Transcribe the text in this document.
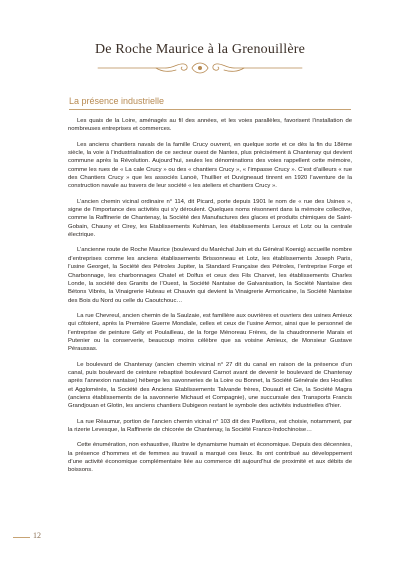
De Roche Maurice à la Grenouillère
La présence industrielle

Les quais de la Loire, aménagés au fil des années, et les voies parallèles, favorisent l’installation de nombreuses entreprises et commerces.

Les anciens chantiers navals de la famille Crucy ouvrent, en quelque sorte et ce dès la fin du 18ème siècle, la voie à l’industrialisation de ce secteur ouest de Nantes, plus précisément à Chantenay qui devient commune après la Révolution. Aujourd’hui, seules les dénominations des voies rappellent cette mémoire, comme les rues de « La cale Crucy » ou des « chantiers Crucy », « l’impasse Crucy ». C’est d’ailleurs « rue des Chantiers Crucy » que les associés Lanoë, Thuillier et Duvigneaud tinrent en 1920 l’aventure de la construction navale au travers de leur société « les ateliers et chantiers Crucy ».

L’ancien chemin vicinal ordinaire n° 114, dit Picard, porte depuis 1901 le nom de « rue des Usines », signe de l’importance des activités qui s’y déroulent. Quelques noms résonnent dans la mémoire collective, comme la Raffinerie de Chantenay, la Société des Manufactures des glaces et produits chimiques de Saint-Gobain, Chauny et Cirey, les Etablissements Kuhlman, les établissements Leroux et Lotz ou la centrale électrique.

L’ancienne route de Roche Maurice (boulevard du Maréchal Juin et du Général Koenig) accueille nombre d’entreprises comme les anciens établissements Brissonneau et Lotz, les établissements Joseph Paris, l’usine Georget, la Société des Pétroles Jupiter, la Standard Française des Pétroles, l’entreprise Forge et Charbonnage, les charbonnages Chatel et Dolfus et ceux des Fils Charvet, les établissements Charles Londe, la société des Granits de l’Ouest, la Société Nantaise de Galvanisation, la Société Nantaise des Bétons Vibrés, la Vinaigrerie Huteau et Chauvin qui devient la Vinaigrerie Armoricaine, la Société Nantaise des Bois du Nord ou celle du Caoutchouc…

La rue Chevreul, ancien chemin de la Saulzaie, est familière aux ouvrières et ouvriers des usines Amieux qui côtoient, après la Première Guerre Mondiale, celles et ceux de l’usine Armor, ainsi que le personnel de l’entreprise de peinture Gély et Poulailleau, de la forge Ménoreau Frères, de la chaudronnerie Marais et Putenier ou la conserverie, beaucoup moins célèbre que sa voisine Amieux, de Monsieur Gustave Péraussas.

Le boulevard de Chantenay (ancien chemin vicinal n° 27 dit du canal en raison de la présence d’un canal, puis boulevard de ceinture rebaptisé boulevard Carnot avant de devenir le boulevard de Chantenay après l’annexion nantaise) héberge les savonneries de la Loire ou Bonnet, la Société Générale des Houilles et Agglomérés, la Société des Anciens Etablissements Talvande frères, Douault et Cie, la Société Magra (anciens établissements de la savonnerie Michaud et Compagnie), une succursale des Transports Francis Grandjouan et Glotin, les anciens chantiers Dubigeon restant le symbole des activités industrielles d’hier.

La rue Réaumur, portion de l’ancien chemin vicinal n° 103 dit des Pavillons, est choisie, notamment, par la rizerie Levesque, la Raffinerie de chicorée de Chantenay, la Société Franco-Indochinoise…

Cette énumération, non exhaustive, illustre le dynamisme humain et économique. Depuis des décennies, la présence d’hommes et de femmes au travail a marqué ces lieux. Ils ont contribué au développement d’une activité économique complémentaire liée au commerce dit aujourd’hui de proximité et aux débits de boissons.

12
